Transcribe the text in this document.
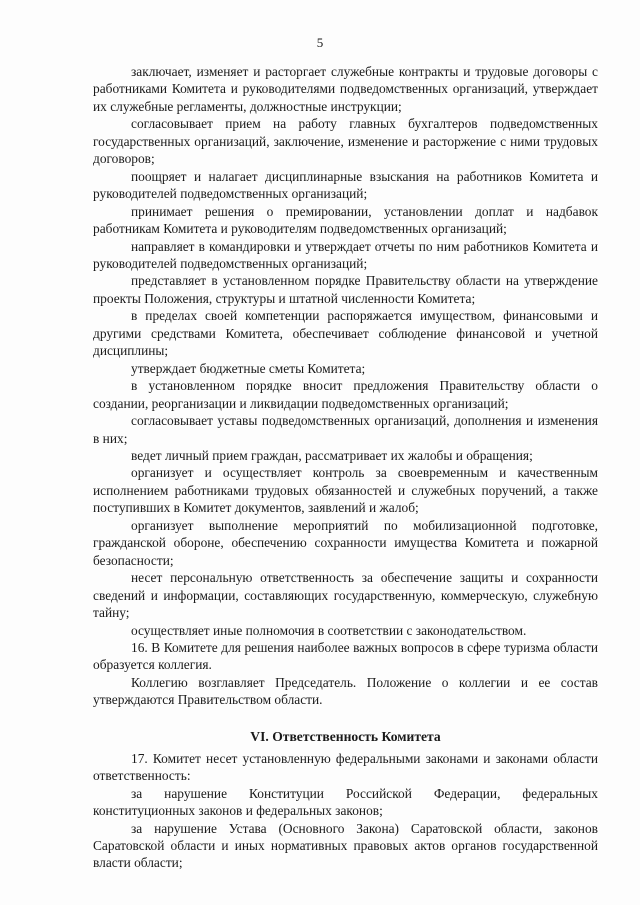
5

заключает, изменяет и расторгает служебные контракты и трудовые договоры с работниками Комитета и руководителями подведомственных организаций, утверждает их служебные регламенты, должностные инструкции;

согласовывает прием на работу главных бухгалтеров подведомственных государственных организаций, заключение, изменение и расторжение с ними трудовых договоров;

поощряет и налагает дисциплинарные взыскания на работников Комитета и руководителей подведомственных организаций;

принимает решения о премировании, установлении доплат и надбавок работникам Комитета и руководителям подведомственных организаций;

направляет в командировки и утверждает отчеты по ним работников Комитета и руководителей подведомственных организаций;

представляет в установленном порядке Правительству области на утверждение проекты Положения, структуры и штатной численности Комитета;

в пределах своей компетенции распоряжается имуществом, финансовыми и другими средствами Комитета, обеспечивает соблюдение финансовой и учетной дисциплины;

утверждает бюджетные сметы Комитета;

в установленном порядке вносит предложения Правительству области о создании, реорганизации и ликвидации подведомственных организаций;

согласовывает уставы подведомственных организаций, дополнения и изменения в них;

ведет личный прием граждан, рассматривает их жалобы и обращения;

организует и осуществляет контроль за своевременным и качественным исполнением работниками трудовых обязанностей и служебных поручений, а также поступивших в Комитет документов, заявлений и жалоб;

организует выполнение мероприятий по мобилизационной подготовке, гражданской обороне, обеспечению сохранности имущества Комитета и пожарной безопасности;

несет персональную ответственность за обеспечение защиты и сохранности сведений и информации, составляющих государственную, коммерческую, служебную тайну;

осуществляет иные полномочия в соответствии с законодательством.

16. В Комитете для решения наиболее важных вопросов в сфере туризма области образуется коллегия.

Коллегию возглавляет Председатель. Положение о коллегии и ее состав утверждаются Правительством области.

VI. Ответственность Комитета

17. Комитет несет установленную федеральными законами и законами области ответственность:

за нарушение Конституции Российской Федерации, федеральных конституционных законов и федеральных законов;

за нарушение Устава (Основного Закона) Саратовской области, законов Саратовской области и иных нормативных правовых актов органов государственной власти области;
